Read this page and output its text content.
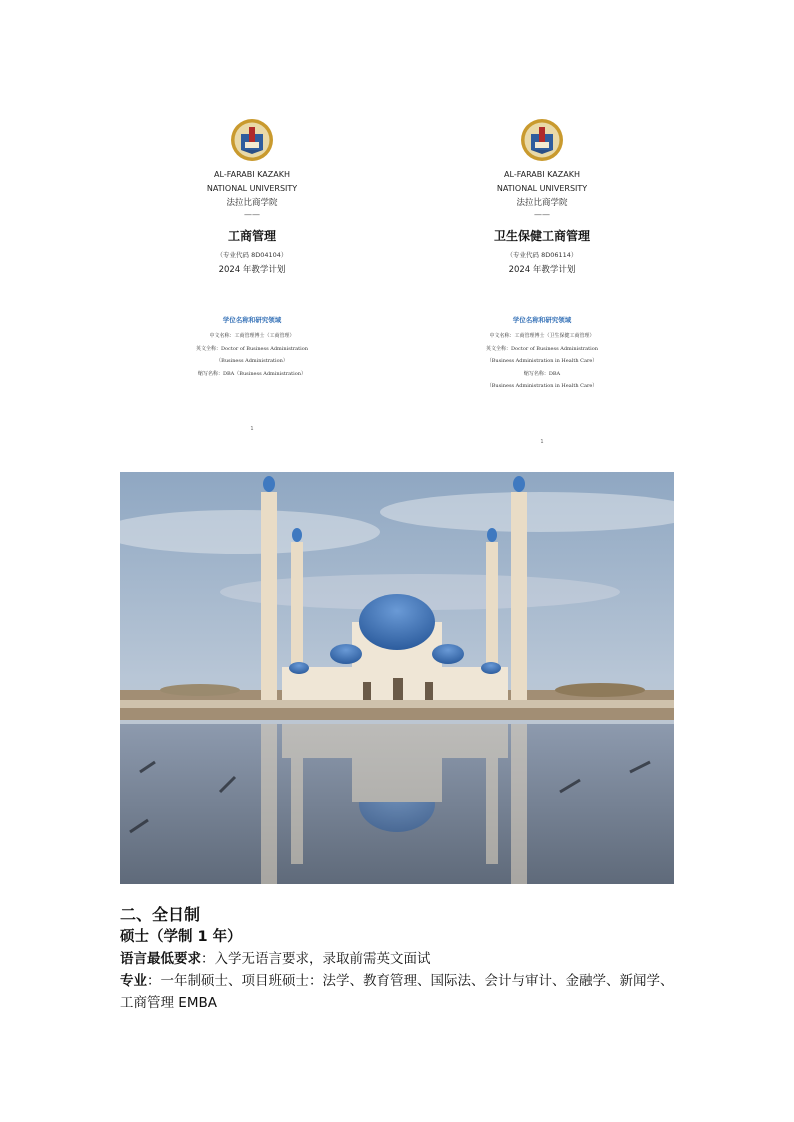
AL-FARABI KAZAKH
NATIONAL UNIVERSITY
法拉比商学院
——
工商管理
（专业代码 8D04104）
2024 年教学计划
学位名称和研究领域
中文名称：工商管理博士（工商管理）
英文全称：Doctor of Business Administration
（Business Administration）
缩写名称：DBA（Business Administration）
1
AL-FARABI KAZAKH
NATIONAL UNIVERSITY
法拉比商学院
——
卫生保健工商管理
（专业代码 8D06114）
2024 年教学计划
学位名称和研究领域
中文名称：工商管理博士（卫生保健工商管理）
英文全称：Doctor of Business Administration
（Business Administration in Health Care）
缩写名称：DBA
（Business Administration in Health Care）
1

二、全日制

硕士（学制 1 年）

语言最低要求：入学无语言要求，录取前需英文面试

专业：一年制硕士、项目班硕士：法学、教育管理、国际法、会计与审计、金融学、新闻学、工商管理 EMBA
